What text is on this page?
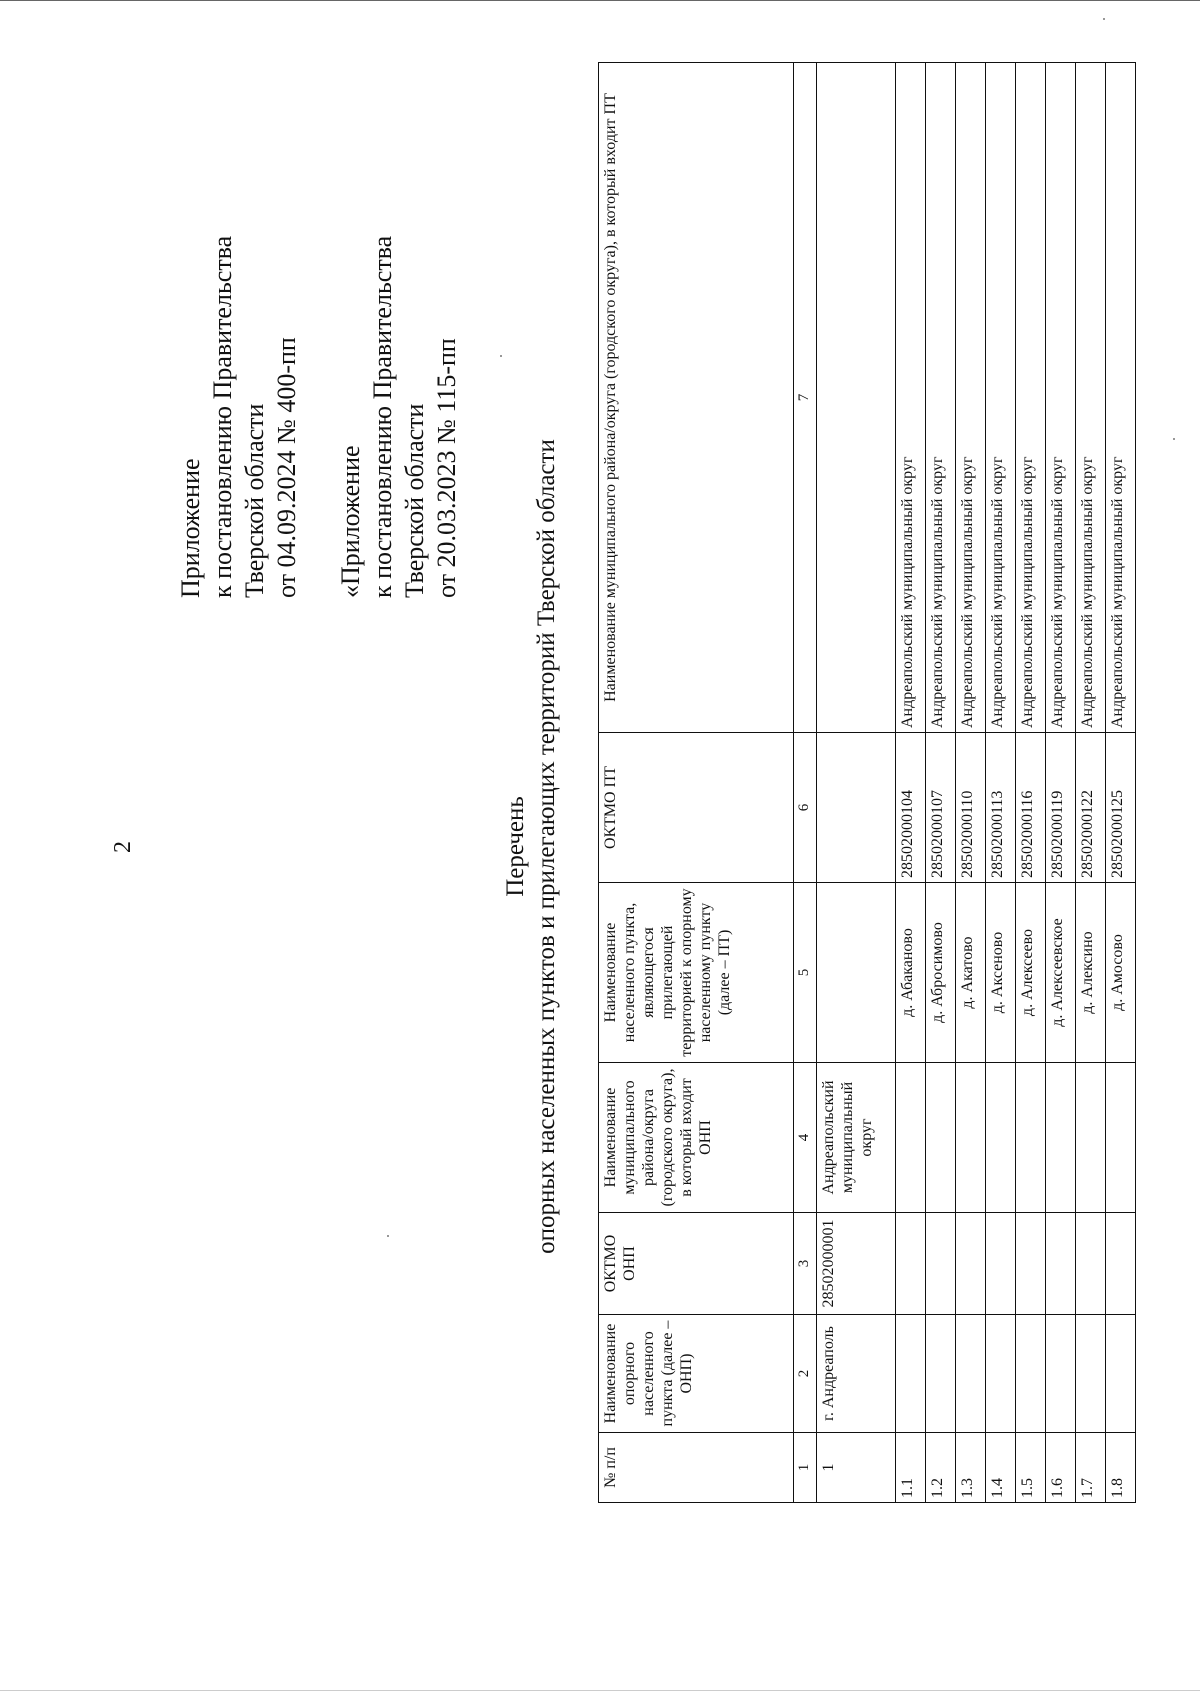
2
Приложение к постановлению Правительства Тверской области от 04.09.2024 № 400-пп «Приложение к постановлению Правительства Тверской области от 20.03.2023 № 115-пп
Перечень опорных населенных пунктов и прилегающих территорий Тверской области
№ п/п	Наименование опорного населенного пункта (далее – ОНП)	ОКТМО ОНП	Наименование муниципального района/округа (городского округа), в который входит ОНП	Наименование населенного пункта, являющегося прилегающей территорией к опорному населенному пункту (далее – ПТ)	ОКТМО ПТ	Наименование муниципального района/округа (городского округа), в который входит ПТ
1	2	3	4	5	6	7
1	г. Андреаполь	28502000001	Андреапольский муниципальный округ			
1.1				д. Абаканово	28502000104	Андреапольский муниципальный округ
1.2				д. Абросимово	28502000107	Андреапольский муниципальный округ
1.3				д. Акатово	28502000110	Андреапольский муниципальный округ
1.4				д. Аксеново	28502000113	Андреапольский муниципальный округ
1.5				д. Алексеево	28502000116	Андреапольский муниципальный округ
1.6				д. Алексеевское	28502000119	Андреапольский муниципальный округ
1.7				д. Алексино	28502000122	Андреапольский муниципальный округ
1.8				д. Амосово	28502000125	Андреапольский муниципальный округ
